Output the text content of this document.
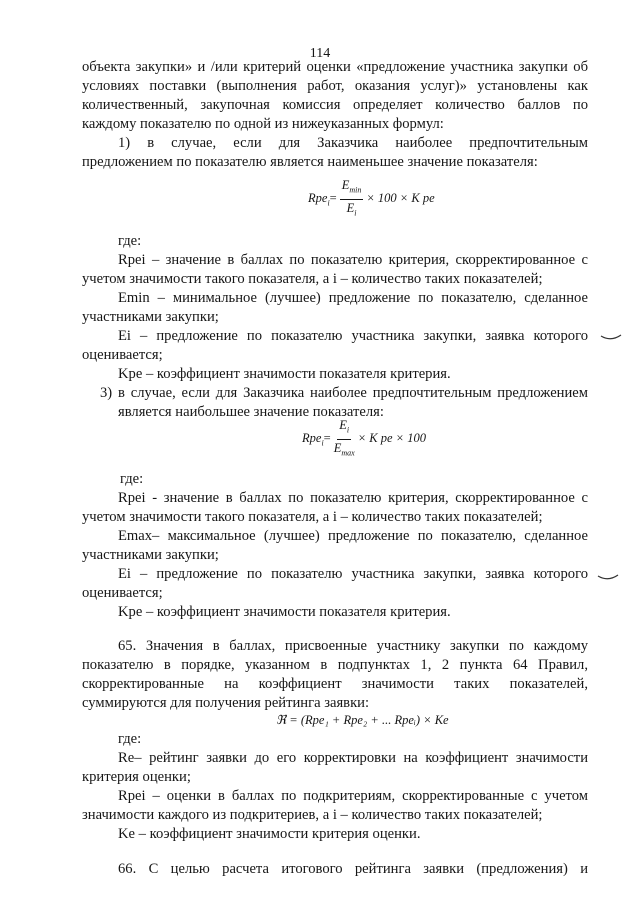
114
объекта закупки» и /или критерий оценки «предложение участника закупки об
условиях поставки (выполнения работ, оказания услуг)» установлены как
количественный, закупочная комиссия определяет количество баллов по
каждому показателю по одной из нижеуказанных формул:
1) в случае, если для Заказчика наиболее предпочтительным
предложением по показателю является наименьшее значение показателя:
$Rpe_i= \frac{E_{min}}{E_i} \times 100 \times K$ pe
где:
Rpei – значение в баллах по показателю критерия, скорректированное с
учетом значимости такого показателя, а i – количество таких показателей;
Emin – минимальное (лучшее) предложение по показателю, сделанное
участниками закупки;
Ei – предложение по показателю участника закупки, заявка которого
оценивается;
Kpe – коэффициент значимости показателя критерия.
3) в случае, если для Заказчика наиболее предпочтительным предложением
является наибольшее значение показателя:
$Rpe_i= \frac{E_i}{E_{max}} \times K$ pe × 100
где:
Rpei - значение в баллах по показателю критерия, скорректированное с
учетом значимости такого показателя, а i – количество таких показателей;
Emax– максимальное (лучшее) предложение по показателю, сделанное
участниками закупки;
Ei – предложение по показателю участника закупки, заявка которого
оценивается;
Kpe – коэффициент значимости показателя критерия.
65. Значения в баллах, присвоенные участнику закупки по каждому
показателю в порядке, указанном в подпунктах 1, 2 пункта 64 Правил,
скорректированные на коэффициент значимости таких показателей,
суммируются для получения рейтинга заявки:
ℜ = (Rpe₁ + Rpe₂ + ... Rpeᵢ) × Ke
где:
Re– рейтинг заявки до его корректировки на коэффициент значимости
критерия оценки;
Rpei – оценки в баллах по подкритериям, скорректированные с учетом
значимости каждого из подкритериев, а i – количество таких показателей;
Ke – коэффициент значимости критерия оценки.
66. С целью расчета итогового рейтинга заявки (предложения) и
